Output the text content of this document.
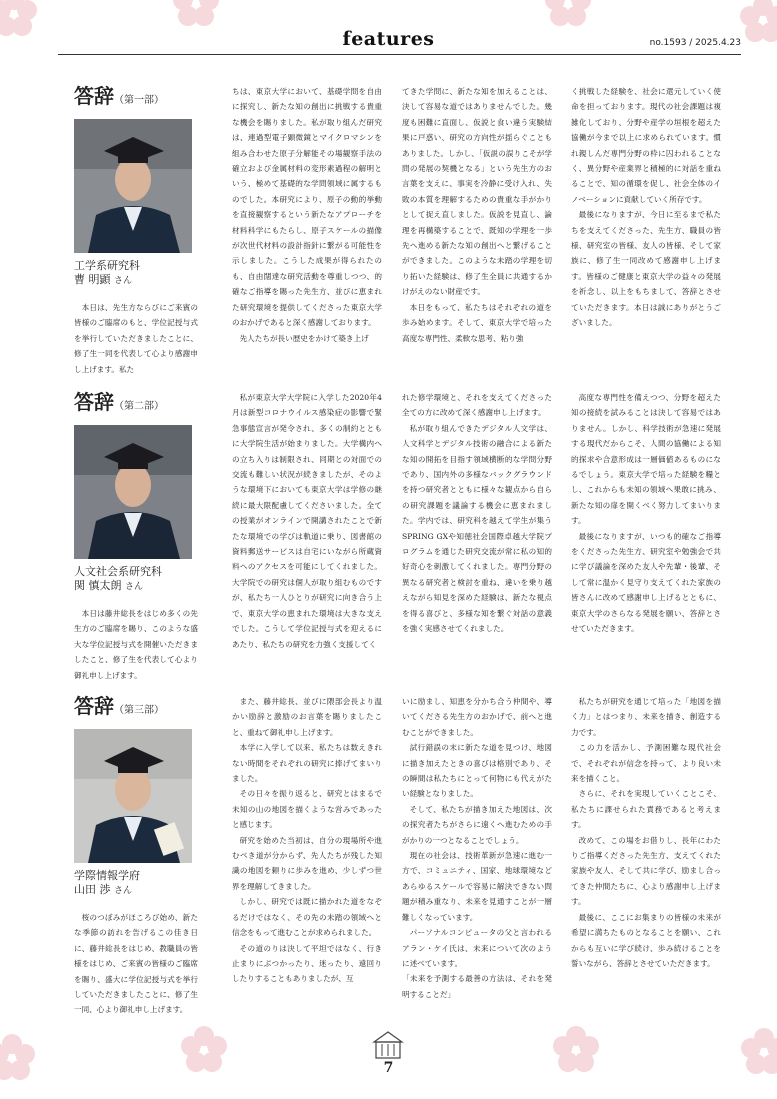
features	no.1593 / 2025.4.23
答辞（第一部）
工学系研究科
曹 明顕 さん
本日は、先生方ならびにご来賓の皆様のご臨席のもと、学位記授与式を挙行していただきましたことに、修了生一同を代表して心より感謝申し上げます。私た
ちは、東京大学において、基礎学問を自由に探究し、新たな知の創出に挑戦する貴重な機会を賜りました。私が取り組んだ研究は、連過型電子顕微鏡とマイクロマシンを組み合わせた原子分解能その場観察手法の確立および金属材料の変形素過程の解明という、極めて基礎的な学問領域に属するものでした。本研究により、原子の動的挙動を直接観察するという新たなアプローチを材料科学にもたらし、原子スケールの描像が次世代材料の設計指針に繋がる可能性を示しました。こうした成果が得られたのも、自由闊達な研究活動を尊重しつつ、的確なご指導を賜った先生方、並びに恵まれた研究環境を提供してくださった東京大学のおかげであると深く感謝しております。
先人たちが長い歴史をかけて築き上げ
てきた学問に、新たな知を加えることは、決して容易な道ではありませんでした。幾度も困難に直面し、仮説と食い違う実験結果に戸惑い、研究の方向性が揺らぐこともありました。しかし、「仮説の誤りこそが学問の発展の契機となる」という先生方のお言葉を支えに、事実を冷静に受け入れ、失敗の本質を理解するための貴重な手がかりとして捉え直しました。仮説を見直し、論理を再構築することで、既知の学理を一歩先へ進める新たな知の創出へと繋げることができました。このような未踏の学理を切り拓いた経験は、修了生全員に共通するかけがえのない財産です。
本日をもって、私たちはそれぞれの道を歩み始めます。そして、東京大学で培った高度な専門性、柔軟な思考、粘り強
く挑戦した経験を、社会に還元していく使命を担っております。現代の社会課題は複雑化しており、分野や産学の垣根を超えた協働が今まで以上に求められています。慣れ親しんだ専門分野の枠に囚われることなく、異分野や産業界と積極的に対話を重ねることで、知の循環を促し、社会全体のイノベーションに貢献していく所存です。
最後になりますが、今日に至るまで私たちを支えてくださった、先生方、職員の皆様、研究室の皆様、友人の皆様、そして家族に、修了生一同改めて感謝申し上げます。皆様のご健康と東京大学の益々の発展を祈念し、以上をもちまして、答辞とさせていただきます。本日は誠にありがとうございました。
答辞（第二部）
人文社会系研究科
関 慎太朗 さん
本日は藤井総長をはじめ多くの先生方のご臨席を賜り、このような盛大な学位記授与式を開催いただきましたこと、修了生を代表して心より御礼申し上げます。
私が東京大学大学院に入学した2020年4月は新型コロナウイルス感染症の影響で緊急事態宣言が発令され、多くの制約とともに大学院生活が始まりました。大学構内への立ち入りは制限され、同期との対面での交流も難しい状況が続きましたが、そのような環境下においても東京大学は学修の継続に最大限配慮してくださいました。全ての授業がオンラインで開講されたことで新たな環境での学びは軌道に乗り、図書館の資料郵送サービスは自宅にいながら所蔵資料へのアクセスを可能にしてくれました。大学院での研究は個人が取り組むものですが、私たち一人ひとりが研究に向き合う上で、東京大学の恵まれた環境は大きな支えでした。こうして学位記授与式を迎えるにあたり、私たちの研究を力強く支援してく
れた修学環境と、それを支えてくださった全ての方に改めて深く感謝申し上げます。
私が取り組んできたデジタル人文学は、人文科学とデジタル技術の融合による新たな知の開拓を目指す領域横断的な学問分野であり、国内外の多様なバックグラウンドを持つ研究者とともに様々な観点から自らの研究課題を議論する機会に恵まれました。学内では、研究科を越えて学生が集うSPRING GXや知徳社会国際卓越大学院プログラムを通じた研究交流が常に私の知的好奇心を刺激してくれました。専門分野の異なる研究者と検討を重ね、違いを乗り越えながら知見を深めた経験は、新たな視点を得る喜びと、多様な知を繋ぐ対話の意義を強く実感させてくれました。
高度な専門性を備えつつ、分野を超えた知の接続を試みることは決して容易ではありません。しかし、科学技術が急速に発展する現代だからこそ、人間の協働による知的探求や合意形成は一層価値あるものになるでしょう。東京大学で培った経験を糧とし、これからも未知の領域へ果敢に挑み、新たな知の扉を開くべく努力してまいります。
最後になりますが、いつも的確なご指導をくださった先生方、研究室や勉強会で共に学び議論を深めた友人や先輩・後輩、そして常に温かく見守り支えてくれた家族の皆さんに改めて感謝申し上げるとともに、東京大学のさらなる発展を願い、答辞とさせていただきます。
答辞（第三部）
学際情報学府
山田 渉 さん
桜のつぼみがほころび始め、新たな季節の訪れを告げるこの佳き日に、藤井総長をはじめ、教職員の皆様をはじめ、ご来賓の皆様のご臨席を賜り、盛大に学位記授与式を挙行していただきましたことに、修了生一同、心より御礼申し上げます。
また、藤井総長、並びに隈部会長より温かい励辞と激励のお言葉を賜りましたこと、重ねて御礼申し上げます。
本学に入学して以来、私たちは数えきれない時間をそれぞれの研究に捧げてまいりました。
その日々を振り返ると、研究とはまるで未知の山の地図を描くような営みであったと感じます。
研究を始めた当初は、自分の現場所や進むべき道が分からず、先人たちが残した知識の地図を頼りに歩みを進め、少しずつ世界を理解してきました。
しかし、研究では既に描かれた道をなぞるだけではなく、その先の未踏の領域へと信念をもって進むことが求められました。
その道のりは決して平坦ではなく、行き止まりにぶつかったり、迷ったり、遠回りしたりすることもありましたが、互
いに励まし、知恵を分かち合う仲間や、導いてくださる先生方のおかげで、前へと進むことができました。
試行錯誤の末に新たな道を見つけ、地図に描き加えたときの喜びは格別であり、その瞬間は私たちにとって何物にも代えがたい経験となりました。
そして、私たちが描き加えた地図は、次の探究者たちがさらに遠くへ進むための手がかりの一つとなることでしょう。
現在の社会は、技術革新が急速に進む一方で、コミュニティ、国家、地球環境などあらゆるスケールで容易に解決できない問題が積み重なり、未来を見通すことが一層難しくなっています。
パーソナルコンピュータの父と言われるアラン・ケイ氏は、未来について次のように述べています。
「未来を予測する最善の方法は、それを発明することだ」
私たちが研究を通じて培った「地図を描く力」とはつまり、未来を描き、創造する力です。
この力を活かし、予測困難な現代社会で、それぞれが信念を持って、より良い未来を描くこと。
さらに、それを実現していくことこそ、私たちに課せられた責務であると考えます。
改めて、この場をお借りし、長年にわたりご指導くださった先生方、支えてくれた家族や友人、そして共に学び、励まし合ってきた仲間たちに、心より感謝申し上げます。
最後に、ここにお集まりの皆様の未来が希望に満ちたものとなることを願い、これからも互いに学び続け、歩み続けることを誓いながら、答辞とさせていただきます。
7
